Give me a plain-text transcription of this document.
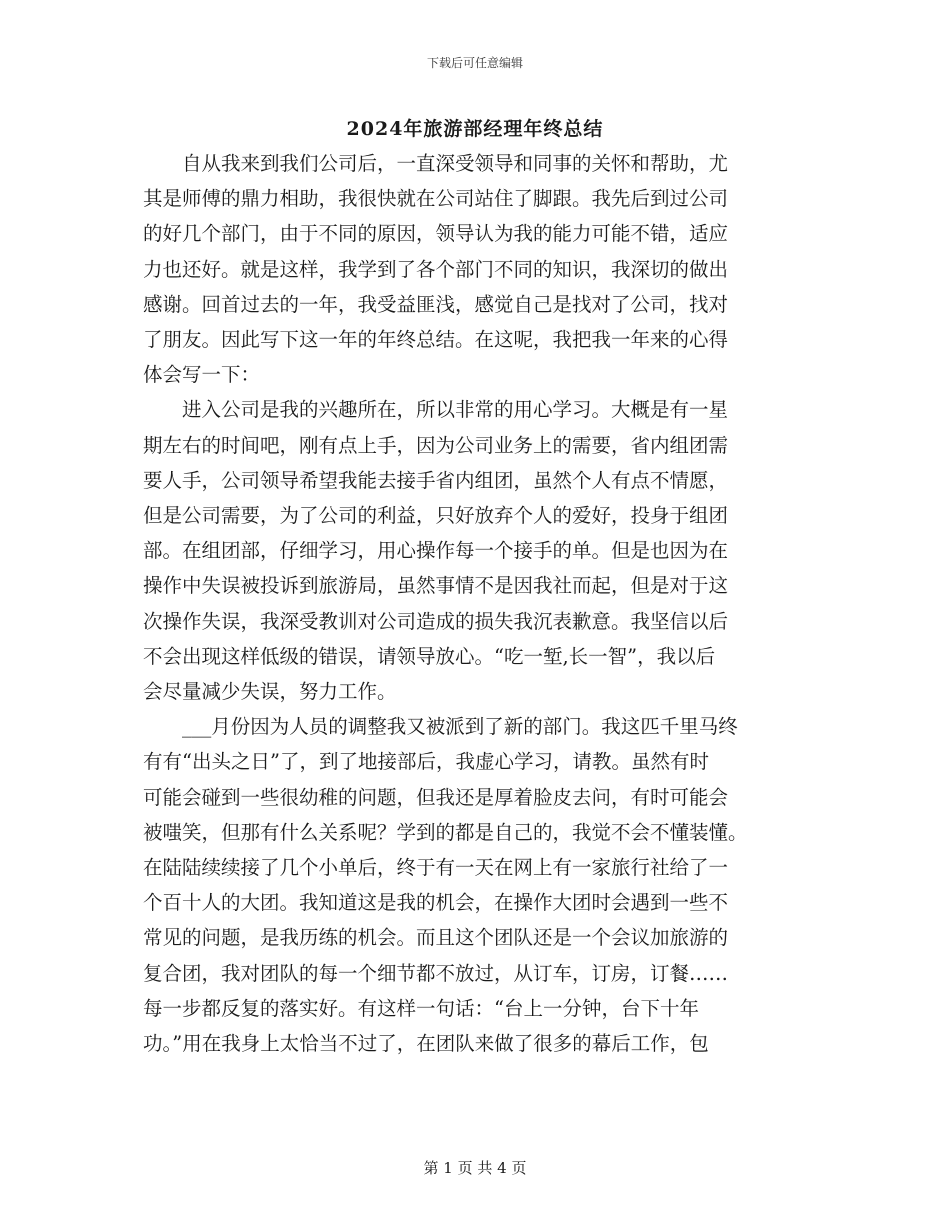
下载后可任意编辑
2024年旅游部经理年终总结

自从我来到我们公司后，一直深受领导和同事的关怀和帮助，尤
其是师傅的鼎力相助，我很快就在公司站住了脚跟。我先后到过公司
的好几个部门，由于不同的原因，领导认为我的能力可能不错，适应
力也还好。就是这样，我学到了各个部门不同的知识，我深切的做出
感谢。回首过去的一年，我受益匪浅，感觉自己是找对了公司，找对
了朋友。因此写下这一年的年终总结。在这呢，我把我一年来的心得
体会写一下：

进入公司是我的兴趣所在，所以非常的用心学习。大概是有一星
期左右的时间吧，刚有点上手，因为公司业务上的需要，省内组团需
要人手，公司领导希望我能去接手省内组团，虽然个人有点不情愿，
但是公司需要，为了公司的利益，只好放弃个人的爱好，投身于组团
部。在组团部，仔细学习，用心操作每一个接手的单。但是也因为在
操作中失误被投诉到旅游局，虽然事情不是因我社而起，但是对于这
次操作失误，我深受教训对公司造成的损失我沉表歉意。我坚信以后
不会出现这样低级的错误，请领导放心。“吃一堑,长一智”，我以后
会尽量减少失误，努力工作。

___月份因为人员的调整我又被派到了新的部门。我这匹千里马终
有有“出头之日”了，到了地接部后，我虚心学习，请教。虽然有时
可能会碰到一些很幼稚的问题，但我还是厚着脸皮去问，有时可能会
被嗤笑，但那有什么关系呢？学到的都是自己的，我觉不会不懂装懂。
在陆陆续续接了几个小单后，终于有一天在网上有一家旅行社给了一
个百十人的大团。我知道这是我的机会，在操作大团时会遇到一些不
常见的问题，是我历练的机会。而且这个团队还是一个会议加旅游的
复合团，我对团队的每一个细节都不放过，从订车，订房，订餐……
每一步都反复的落实好。有这样一句话：“台上一分钟，台下十年
功。”用在我身上太恰当不过了，在团队来做了很多的幕后工作，包

第 1 页 共 4 页
